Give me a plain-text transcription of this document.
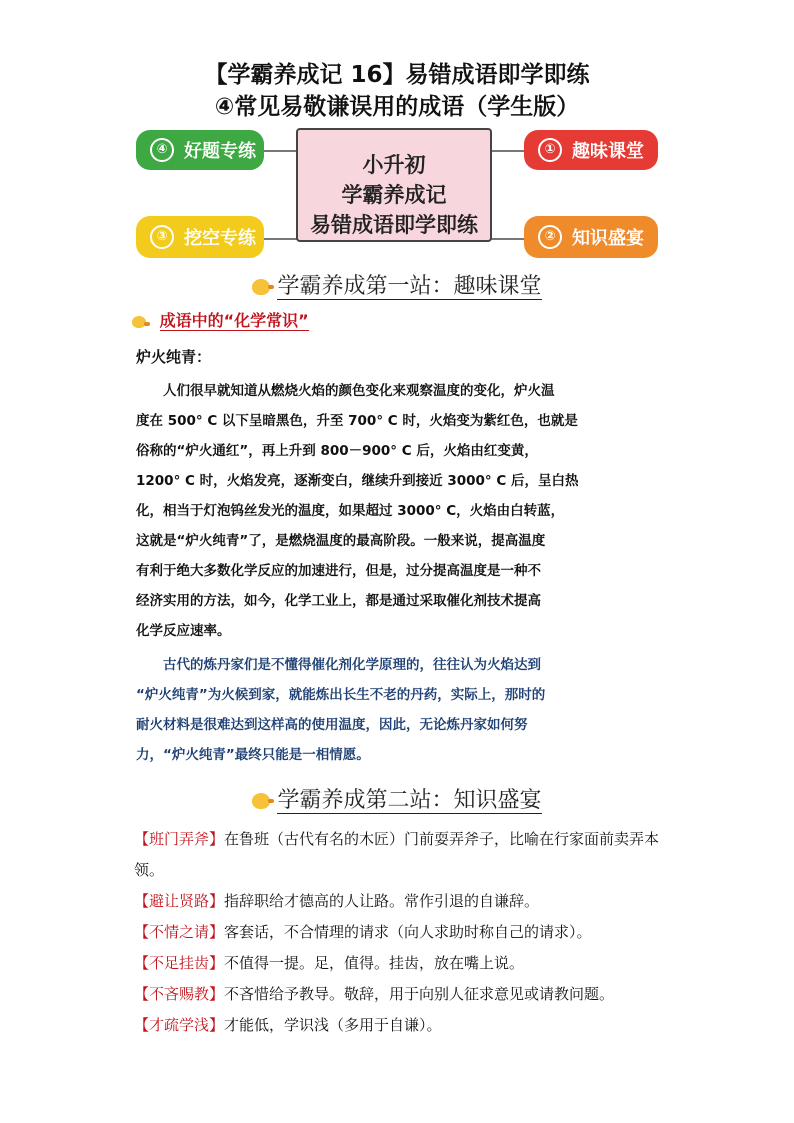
【学霸养成记 16】易错成语即学即练
④常见易敬谦误用的成语（学生版）
④ 好题专练	① 趣味课堂
③ 挖空专练	② 知识盛宴
小升初
学霸养成记
易错成语即学即练
学霸养成第一站：趣味课堂
成语中的“化学常识”
炉火纯青：

　　人们很早就知道从燃烧火焰的颜色变化来观察温度的变化，炉火温

度在 500° C 以下呈暗黑色，升至 700° C 时，火焰变为紫红色，也就是

俗称的“炉火通红”，再上升到 800－900° C 后，火焰由红变黄，

1200° C 时，火焰发亮，逐渐变白，继续升到接近 3000° C 后，呈白热

化，相当于灯泡钨丝发光的温度，如果超过 3000° C，火焰由白转蓝，

这就是“炉火纯青”了，是燃烧温度的最高阶段。一般来说，提高温度

有利于绝大多数化学反应的加速进行，但是，过分提高温度是一种不

经济实用的方法，如今，化学工业上，都是通过采取催化剂技术提高

化学反应速率。

　　古代的炼丹家们是不懂得催化剂化学原理的，往往认为火焰达到

“炉火纯青”为火候到家，就能炼出长生不老的丹药，实际上，那时的

耐火材料是很难达到这样高的使用温度，因此，无论炼丹家如何努

力，“炉火纯青”最终只能是一相情愿。

学霸养成第二站：知识盛宴
【班门弄斧】在鲁班（古代有名的木匠）门前耍弄斧子，比喻在行家面前卖弄本领。
【避让贤路】指辞职给才德高的人让路。常作引退的自谦辞。
【不情之请】客套话，不合情理的请求（向人求助时称自己的请求）。
【不足挂齿】不值得一提。足，值得。挂齿，放在嘴上说。
【不吝赐教】不吝惜给予教导。敬辞，用于向别人征求意见或请教问题。
【才疏学浅】才能低，学识浅（多用于自谦）。
